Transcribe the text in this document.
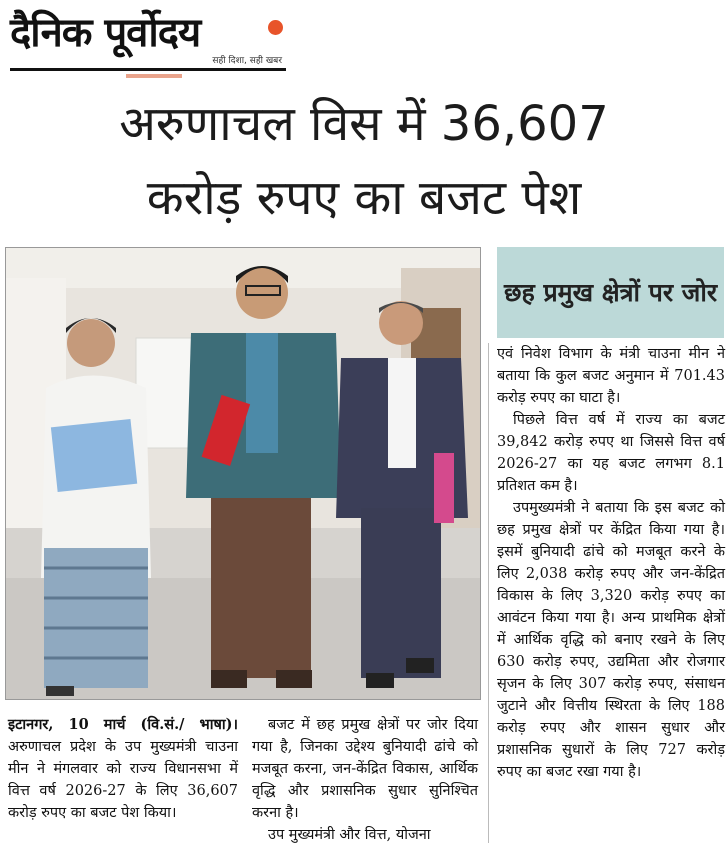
दैनिक पूर्वोदय
सही दिशा, सही खबर
अरुणाचल विस में 36,607
करोड़ रुपए का बजट पेश
छह प्रमुख क्षेत्रों पर जोर

एवं निवेश विभाग के मंत्री चाउना मीन ने बताया कि कुल बजट अनुमान में 701.43 करोड़ रुपए का घाटा है।

पिछले वित्त वर्ष में राज्य का बजट 39,842 करोड़ रुपए था जिससे वित्त वर्ष 2026-27 का यह बजट लगभग 8.1 प्रतिशत कम है।

उपमुख्यमंत्री ने बताया कि इस बजट को छह प्रमुख क्षेत्रों पर केंद्रित किया गया है। इसमें बुनियादी ढांचे को मजबूत करने के लिए 2,038 करोड़ रुपए और जन-केंद्रित विकास के लिए 3,320 करोड़ रुपए का आवंटन किया गया है। अन्य प्राथमिक क्षेत्रों में आर्थिक वृद्धि को बनाए रखने के लिए 630 करोड़ रुपए, उद्यमिता और रोजगार सृजन के लिए 307 करोड़ रुपए, संसाधन जुटाने और वित्तीय स्थिरता के लिए 188 करोड़ रुपए और शासन सुधार और प्रशासनिक सुधारों के लिए 727 करोड़ रुपए का बजट रखा गया है।

इटानगर, 10 मार्च (वि.सं./ भाषा)। अरुणाचल प्रदेश के उप मुख्यमंत्री चाउना मीन ने मंगलवार को राज्य विधानसभा में वित्त वर्ष 2026-27 के लिए 36,607 करोड़ रुपए का बजट पेश किया।

बजट में छह प्रमुख क्षेत्रों पर जोर दिया गया है, जिनका उद्देश्य बुनियादी ढांचे को मजबूत करना, जन-केंद्रित विकास, आर्थिक वृद्धि और प्रशासनिक सुधार सुनिश्चित करना है।

उप मुख्यमंत्री और वित्त, योजना
